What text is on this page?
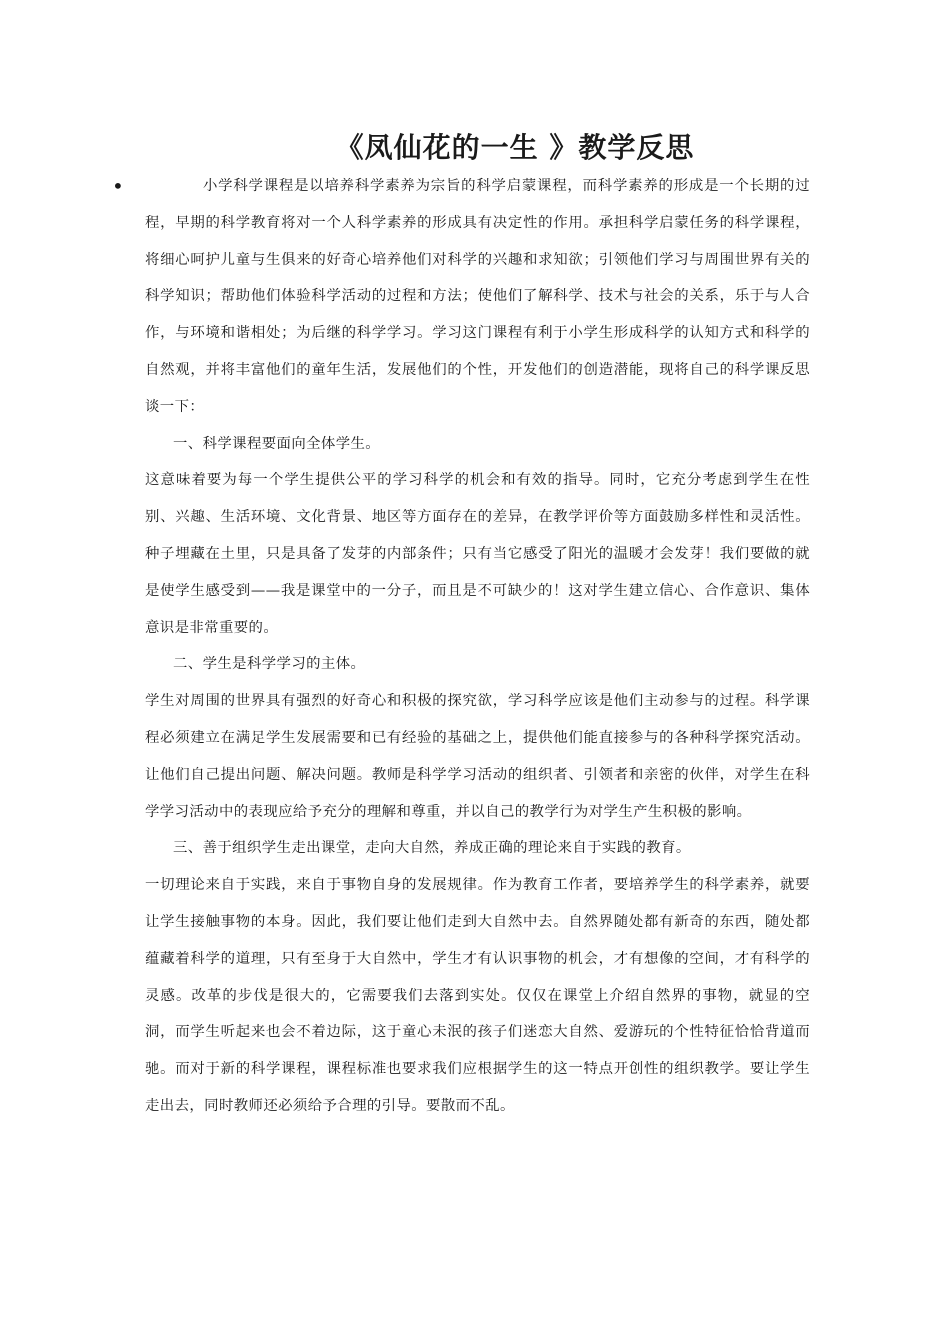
《凤仙花的一生 》教学反思
•	小学科学课程是以培养科学素养为宗旨的科学启蒙课程，而科学素养的形成是一个长期的过程，早期的科学教育将对一个人科学素养的形成具有决定性的作用。承担科学启蒙任务的科学课程，将细心呵护儿童与生俱来的好奇心培养他们对科学的兴趣和求知欲；引领他们学习与周围世界有关的科学知识；帮助他们体验科学活动的过程和方法；使他们了解科学、技术与社会的关系，乐于与人合作，与环境和谐相处；为后继的科学学习。学习这门课程有利于小学生形成科学的认知方式和科学的自然观，并将丰富他们的童年生活，发展他们的个性，开发他们的创造潜能，现将自己的科学课反思谈一下：

一、科学课程要面向全体学生。

这意味着要为每一个学生提供公平的学习科学的机会和有效的指导。同时，它充分考虑到学生在性别、兴趣、生活环境、文化背景、地区等方面存在的差异，在教学评价等方面鼓励多样性和灵活性。种子埋藏在土里，只是具备了发芽的内部条件；只有当它感受了阳光的温暖才会发芽！我们要做的就是使学生感受到——我是课堂中的一分子，而且是不可缺少的！这对学生建立信心、合作意识、集体意识是非常重要的。

二、学生是科学学习的主体。

学生对周围的世界具有强烈的好奇心和积极的探究欲，学习科学应该是他们主动参与的过程。科学课程必须建立在满足学生发展需要和已有经验的基础之上，提供他们能直接参与的各种科学探究活动。让他们自己提出问题、解决问题。教师是科学学习活动的组织者、引领者和亲密的伙伴，对学生在科学学习活动中的表现应给予充分的理解和尊重，并以自己的教学行为对学生产生积极的影响。

三、善于组织学生走出课堂，走向大自然，养成正确的理论来自于实践的教育。

一切理论来自于实践，来自于事物自身的发展规律。作为教育工作者，要培养学生的科学素养，就要让学生接触事物的本身。因此，我们要让他们走到大自然中去。自然界随处都有新奇的东西，随处都蕴藏着科学的道理，只有至身于大自然中，学生才有认识事物的机会，才有想像的空间，才有科学的灵感。改革的步伐是很大的，它需要我们去落到实处。仅仅在课堂上介绍自然界的事物，就显的空洞，而学生听起来也会不着边际，这于童心未泯的孩子们迷恋大自然、爱游玩的个性特征恰恰背道而驰。而对于新的科学课程，课程标准也要求我们应根据学生的这一特点开创性的组织教学。要让学生走出去，同时教师还必须给予合理的引导。要散而不乱。
